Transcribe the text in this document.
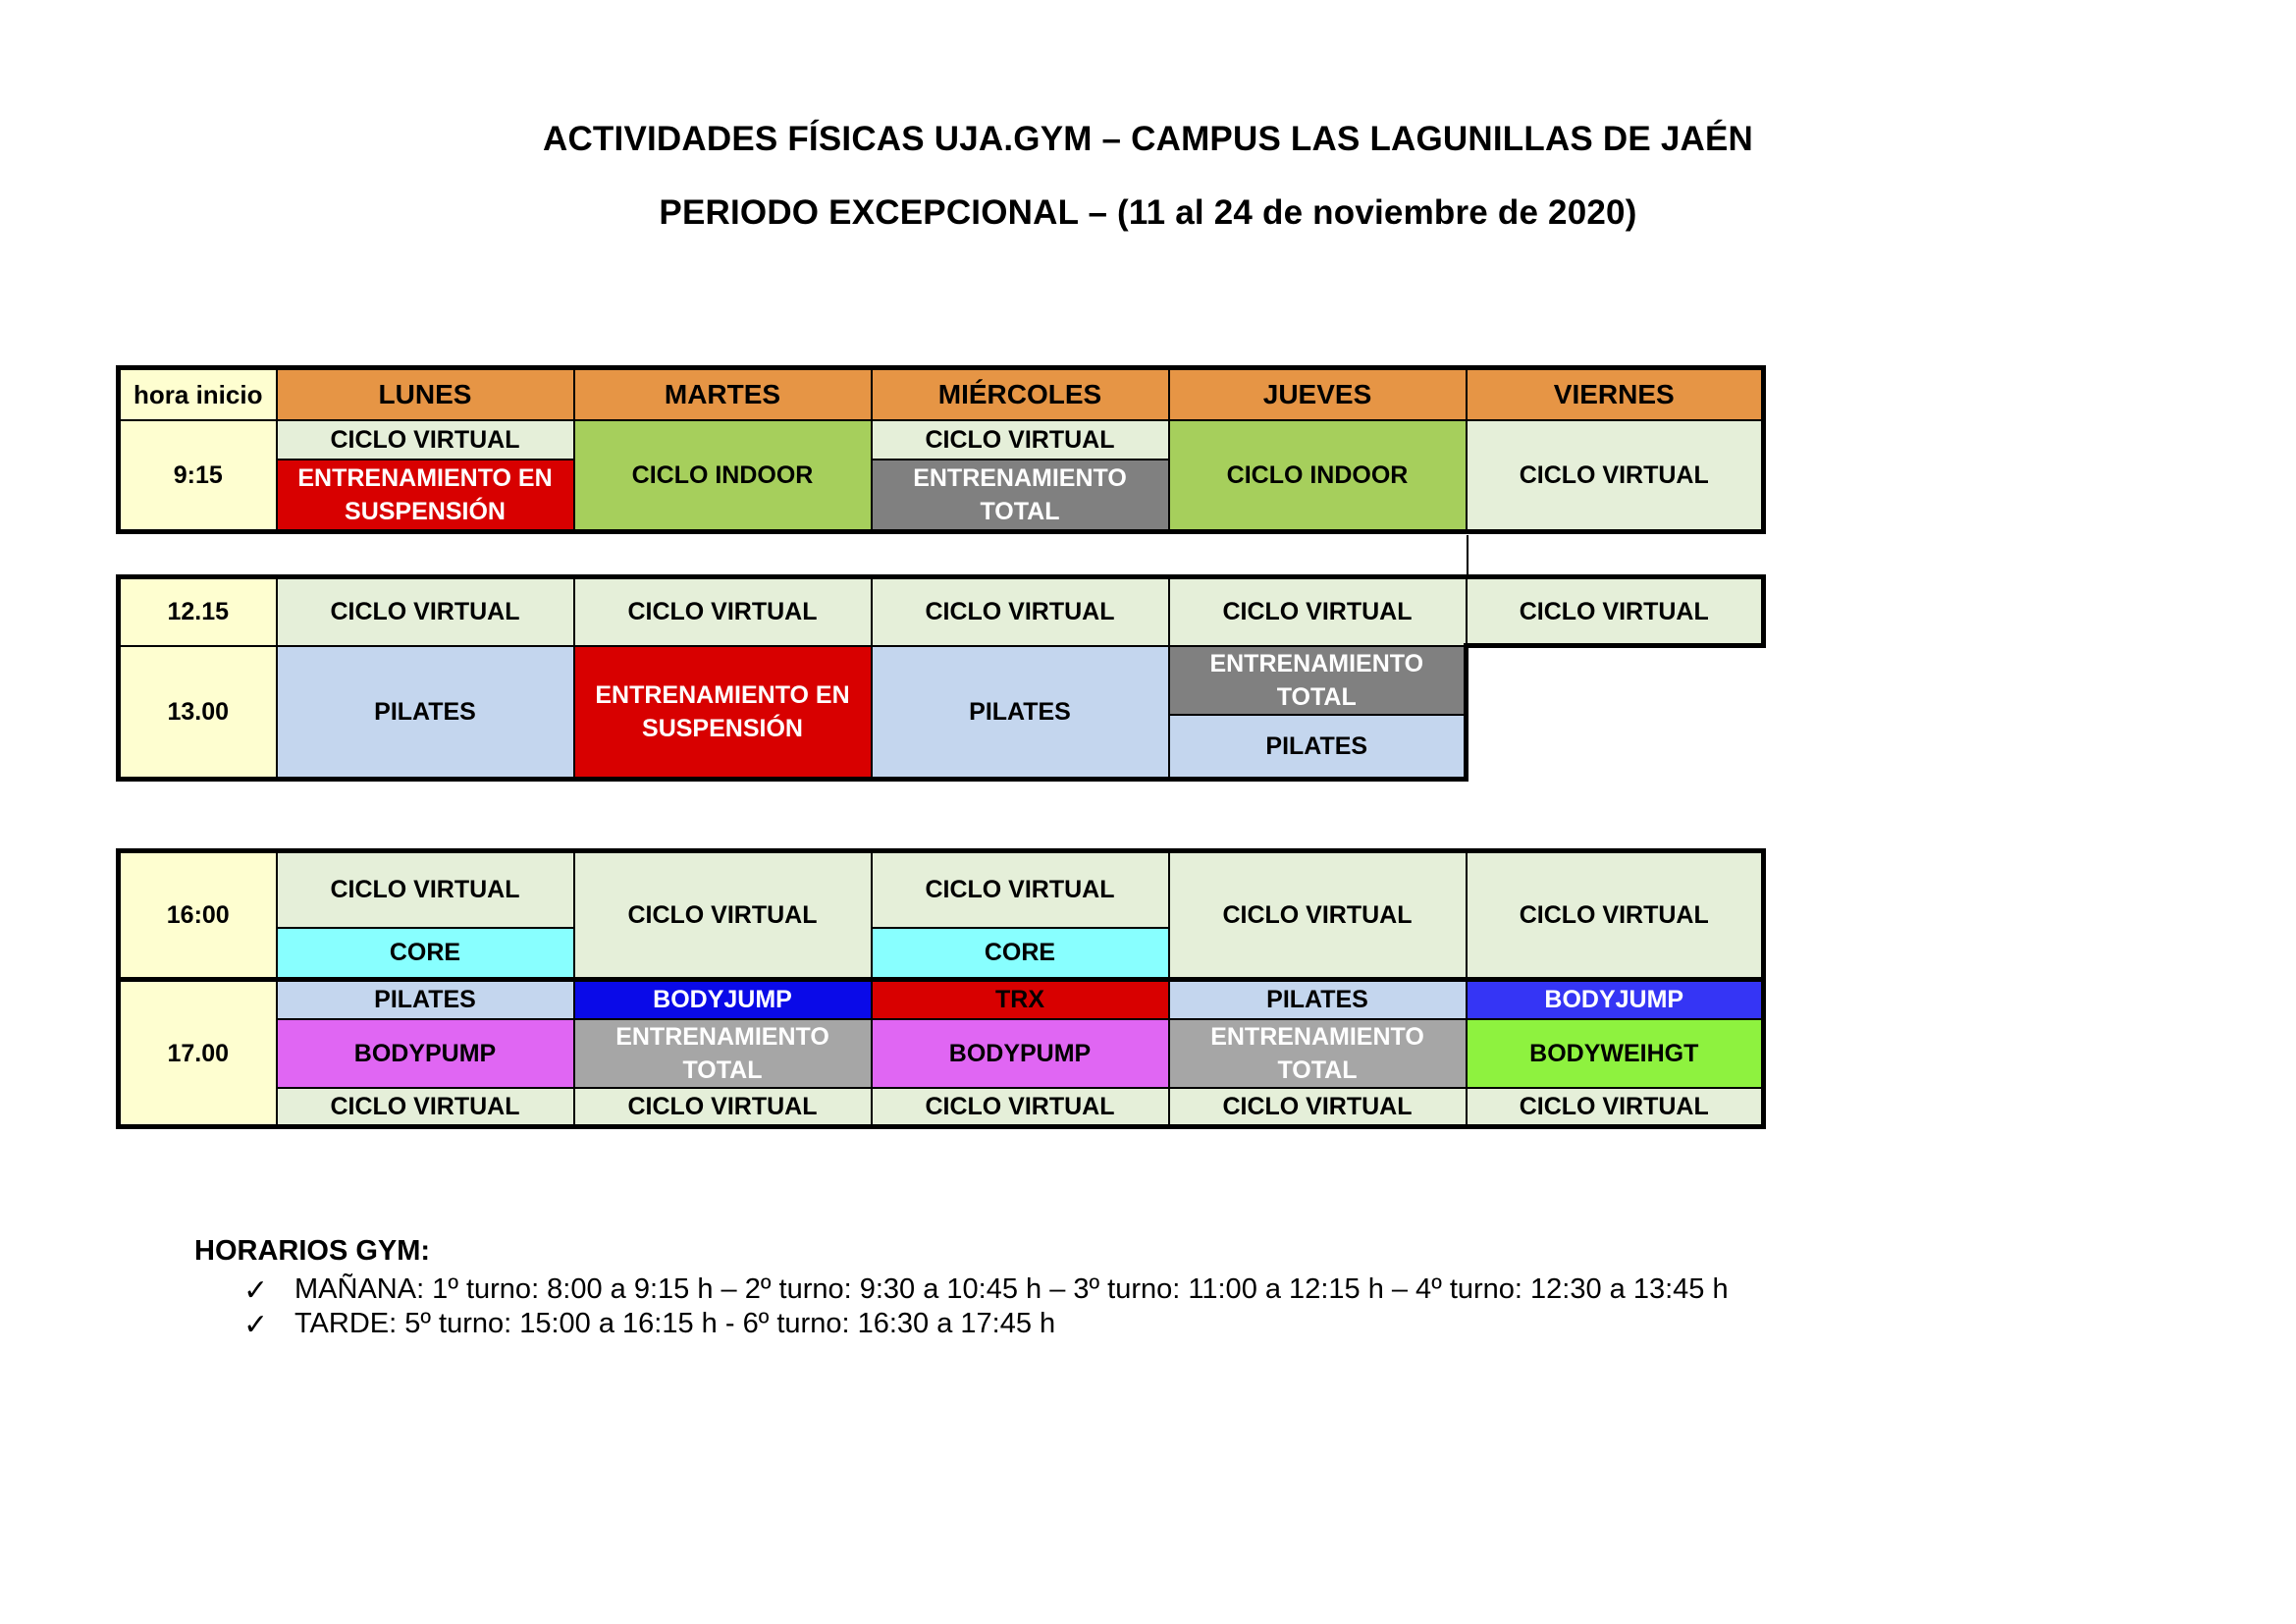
ACTIVIDADES FÍSICAS UJA.GYM – CAMPUS LAS LAGUNILLAS DE JAÉN
PERIODO EXCEPCIONAL – (11 al 24 de noviembre de 2020)
hora inicio	LUNES	MARTES	MIÉRCOLES	JUEVES	VIERNES
9:15	CICLO VIRTUAL	CICLO INDOOR	CICLO VIRTUAL	CICLO INDOOR	CICLO VIRTUAL
	ENTRENAMIENTO EN SUSPENSIÓN		ENTRENAMIENTO TOTAL		
12.15	CICLO VIRTUAL	CICLO VIRTUAL	CICLO VIRTUAL	CICLO VIRTUAL	CICLO VIRTUAL
13.00	PILATES	ENTRENAMIENTO EN SUSPENSIÓN	PILATES	ENTRENAMIENTO TOTAL	
				PILATES	
16:00	CICLO VIRTUAL	CICLO VIRTUAL	CICLO VIRTUAL	CICLO VIRTUAL	CICLO VIRTUAL
	CORE		CORE		
17.00	PILATES	BODYJUMP	TRX	PILATES	BODYJUMP
	BODYPUMP	ENTRENAMIENTO TOTAL	BODYPUMP	ENTRENAMIENTO TOTAL	BODYWEIHGT
	CICLO VIRTUAL	CICLO VIRTUAL	CICLO VIRTUAL	CICLO VIRTUAL	CICLO VIRTUAL
HORARIOS GYM:
✓ MAÑANA: 1º turno: 8:00 a 9:15 h – 2º turno: 9:30 a 10:45 h – 3º turno: 11:00 a 12:15 h – 4º turno: 12:30 a 13:45 h
✓ TARDE: 5º turno: 15:00 a 16:15 h - 6º turno: 16:30 a 17:45 h
